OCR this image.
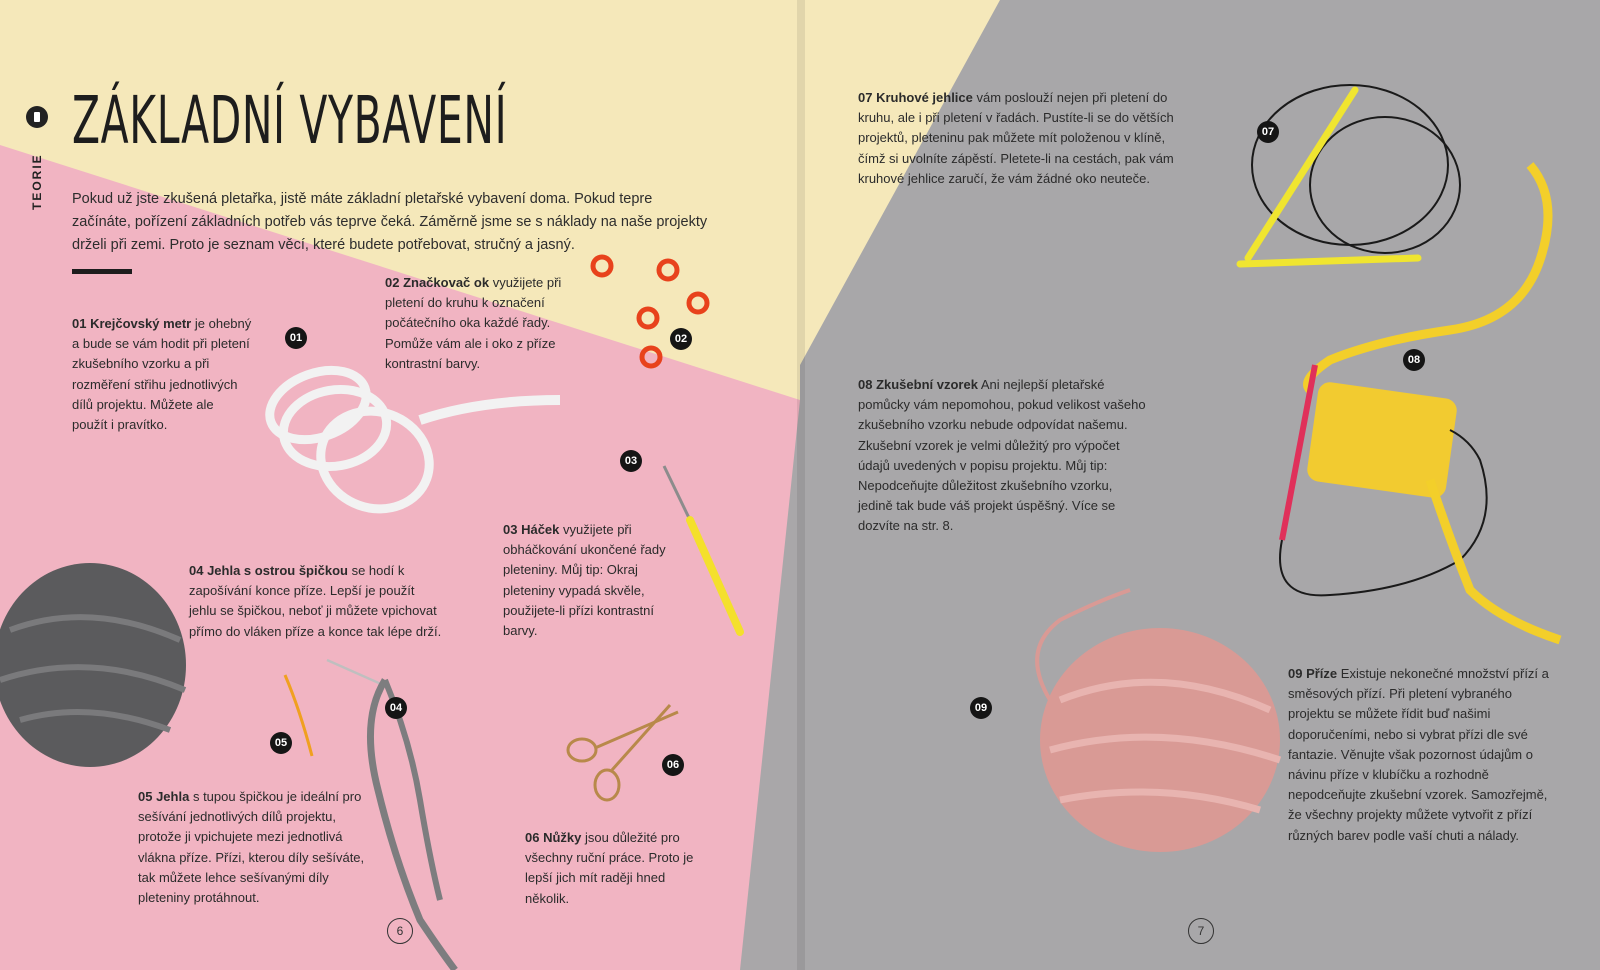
TEORIE
ZÁKLADNÍ VYBAVENÍ
Pokud už jste zkušená pletařka, jistě máte základní pletařské vybavení doma. Pokud tepre začínáte, pořízení základních potřeb vás teprve čeká. Záměrně jsme se s náklady na naše projekty drželi při zemi. Proto je seznam věcí, které budete potřebovat, stručný a jasný.
01 Krejčovský metr je ohebný a bude se vám hodit při pletení zkušebního vzorku a při rozměření střihu jednotlivých dílů projektu. Můžete ale použít i pravítko.
02 Značkovač ok využijete při pletení do kruhu k označení počátečního oka každé řady. Pomůže vám ale i oko z příze kontrastní barvy.
03 Háček využijete při obháčkování ukončené řady pleteniny. Můj tip: Okraj pleteniny vypadá skvěle, použijete-li přízi kontrastní barvy.
04 Jehla s ostrou špičkou se hodí k zapošívání konce příze. Lepší je použít jehlu se špičkou, neboť ji můžete vpichovat přímo do vláken příze a konce tak lépe drží.
05 Jehla s tupou špičkou je ideální pro sešívání jednotlivých dílů projektu, protože ji vpichujete mezi jednotlivá vlákna příze. Přízi, kterou díly sešíváte, tak můžete lehce sešívanými díly pleteniny protáhnout.
06 Nůžky jsou důležité pro všechny ruční práce. Proto je lepší jich mít raději hned několik.
07 Kruhové jehlice vám poslouží nejen při pletení do kruhu, ale i při pletení v řadách. Pustíte-li se do větších projektů, pleteninu pak můžete mít položenou v klíně, čímž si uvolníte zápěstí. Pletete-li na cestách, pak vám kruhové jehlice zaručí, že vám žádné oko neuteče.
08 Zkušební vzorek Ani nejlepší pletařské pomůcky vám nepomohou, pokud velikost vašeho zkušebního vzorku nebude odpovídat našemu. Zkušební vzorek je velmi důležitý pro výpočet údajů uvedených v popisu projektu. Můj tip: Nepodceňujte důležitost zkušebního vzorku, jedině tak bude váš projekt úspěšný. Více se dozvíte na str. 8.
09 Příze Existuje nekonečné množství přízí a směsových přízí. Při pletení vybraného projektu se můžete řídit buď našimi doporučeními, nebo si vybrat přízi dle své fantazie. Věnujte však pozornost údajům o návinu příze v klubíčku a rozhodně nepodceňujte zkušební vzorek. Samozřejmě, že všechny projekty můžete vytvořit z přízí různých barev podle vaší chuti a nálady.
01	02
03
04
05
06
07
08
09
6	7
